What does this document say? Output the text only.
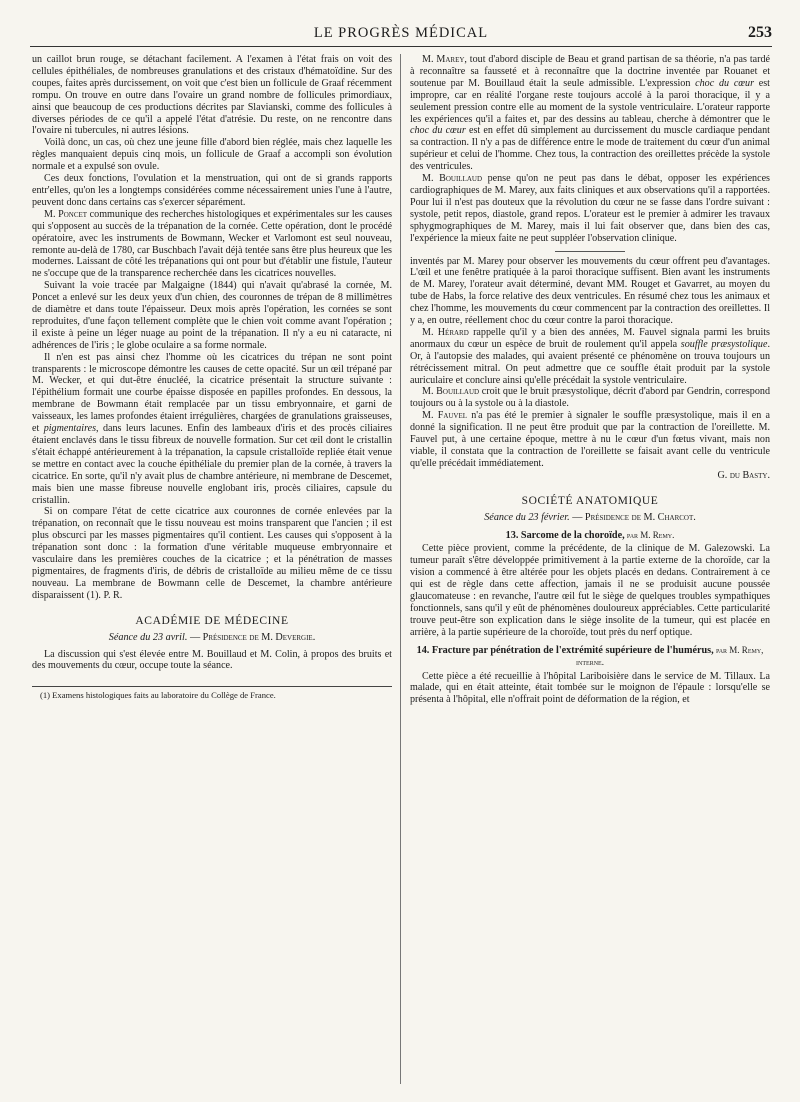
LE PROGRÈS MÉDICAL	253

un caillot brun rouge, se détachant facilement. A l'examen à l'état frais on voit des cellules épithéliales, de nombreuses granulations et des cristaux d'hématoïdine. Sur des coupes, faites après durcissement, on voit que c'est bien un follicule de Graaf récemment rompu. On trouve en outre dans l'ovaire un grand nombre de follicules primordiaux, ainsi que beaucoup de ces productions décrites par Slavianski, comme des follicules à diverses périodes de ce qu'il a appelé l'état d'atrésie. Du reste, on ne rencontre dans l'ovaire ni tubercules, ni autres lésions.

Voilà donc, un cas, où chez une jeune fille d'abord bien réglée, mais chez laquelle les règles manquaient depuis cinq mois, un follicule de Graaf a accompli son évolution normale et a expulsé son ovule.

Ces deux fonctions, l'ovulation et la menstruation, qui ont de si grands rapports entr'elles, qu'on les a longtemps considérées comme nécessairement unies l'une à l'autre, peuvent donc dans certains cas s'exercer séparément.

M. Poncet communique des recherches histologiques et expérimentales sur les causes qui s'opposent au succès de la trépanation de la cornée. Cette opération, dont le procédé opératoire, avec les instruments de Bowmann, Wecker et Varlomont est seul nouveau, remonte au-delà de 1780, car Buschbach l'avait déjà tentée sans être plus heureux que les modernes. Laissant de côté les trépanations qui ont pour but d'établir une fistule, l'auteur ne s'occupe que de la transparence recherchée dans les cicatrices nouvelles.

Suivant la voie tracée par Malgaigne (1844) qui n'avait qu'abrasé la cornée, M. Poncet a enlevé sur les deux yeux d'un chien, des couronnes de trépan de 8 millimètres de diamètre et dans toute l'épaisseur. Deux mois après l'opération, les cornées se sont reproduites, d'une façon tellement complète que le chien voit comme avant l'opération ; il existe à peine un léger nuage au point de la trépanation. Il n'y a eu ni cataracte, ni adhérences de l'iris ; le globe oculaire a sa forme normale.

Il n'en est pas ainsi chez l'homme où les cicatrices du trépan ne sont point transparents : le microscope démontre les causes de cette opacité. Sur un œil trépané par M. Wecker, et qui dut-être énucléé, la cicatrice présentait la structure suivante : l'épithélium formait une courbe épaisse disposée en papilles profondes. En dessous, la membrane de Bowmann était remplacée par un tissu embryonnaire, et garni de vaisseaux, les lames profondes étaient irrégulières, chargées de granulations graisseuses, et pigmentaires, dans leurs lacunes. Enfin des lambeaux d'iris et des procès ciliaires étaient enclavés dans le tissu fibreux de nouvelle formation. Sur cet œil dont le cristallin s'était échappé antérieurement à la trépanation, la capsule cristalloïde repliée était venue se mettre en contact avec la couche épithéliale du premier plan de la cornée, à travers la cicatrice. En sorte, qu'il n'y avait plus de chambre antérieure, ni membrane de Descemet, mais bien une masse fibreuse nouvelle englobant iris, procès ciliaires, capsule du cristallin.

Si on compare l'état de cette cicatrice aux couronnes de cornée enlevées par la trépanation, on reconnaît que le tissu nouveau est moins transparent que l'ancien ; il est plus obscurci par les masses pigmentaires qu'il contient. Les causes qui s'opposent à la trépanation sont donc : la formation d'une véritable muqueuse embryonnaire et vasculaire dans les premières couches de la cicatrice ; et la pénétration de masses pigmentaires, de fragments d'iris, de débris de cristalloïde au milieu même de ce tissu nouveau. La membrane de Bowmann celle de Descemet, la chambre antérieure disparaissent (1). P. R.

ACADÉMIE DE MÉDECINE
Séance du 23 avril. — Présidence de M. Devergie.

La discussion qui s'est élevée entre M. Bouillaud et M. Colin, à propos des bruits et des mouvements du cœur, occupe toute la séance.

(1) Examens histologiques faits au laboratoire du Collège de France.

M. Marey, tout d'abord disciple de Beau et grand partisan de sa théorie, n'a pas tardé à reconnaître sa fausseté et à reconnaître que la doctrine inventée par Rouanet et soutenue par M. Bouillaud était la seule admissible. L'expression choc du cœur est impropre, car en réalité l'organe reste toujours accolé à la paroi thoracique, il y a seulement pression contre elle au moment de la systole ventriculaire. L'orateur rapporte les expériences qu'il a faites et, par des dessins au tableau, cherche à démontrer que le choc du cœur est en effet dû simplement au durcissement du muscle cardiaque pendant sa contraction. Il n'y a pas de différence entre le mode de traitement du cœur d'un animal supérieur et celui de l'homme. Chez tous, la contraction des oreillettes précède la systole des ventricules.

M. Bouillaud pense qu'on ne peut pas dans le débat, opposer les expériences cardiographiques de M. Marey, aux faits cliniques et aux observations qu'il a rapportées. Pour lui il n'est pas douteux que la révolution du cœur ne se fasse dans l'ordre suivant : systole, petit repos, diastole, grand repos. L'orateur est le premier à admirer les travaux sphygmographiques de M. Marey, mais il lui fait observer que, dans bien des cas, l'expérience la mieux faite ne peut suppléer l'observation clinique.

inventés par M. Marey pour observer les mouvements du cœur offrent peu d'avantages. L'œil et une fenêtre pratiquée à la paroi thoracique suffisent. Bien avant les instruments de M. Marey, l'orateur avait déterminé, devant MM. Rouget et Gavarret, au moyen du tube de Habs, la force relative des deux ventricules. En résumé chez tous les animaux et chez l'homme, les mouvements du cœur commencent par la contraction des oreillettes. Il y a, en outre, réellement choc du cœur contre la paroi thoracique.

M. Hérard rappelle qu'il y a bien des années, M. Fauvel signala parmi les bruits anormaux du cœur un espèce de bruit de roulement qu'il appela souffle præsystolique. Or, à l'autopsie des malades, qui avaient présenté ce phénomène on trouva toujours un rétrécissement mitral. On peut admettre que ce souffle était produit par la systole auriculaire et conclure ainsi qu'elle précédait la systole ventriculaire.

M. Bouillaud croit que le bruit præsystolique, décrit d'abord par Gendrin, correspond toujours ou à la systole ou à la diastole.

M. Fauvel n'a pas été le premier à signaler le souffle præsystolique, mais il en a donné la signification. Il ne peut être produit que par la contraction de l'oreillette. M. Fauvel put, à une certaine époque, mettre à nu le cœur d'un fœtus vivant, mais non viable, il constata que la contraction de l'oreillette se faisait avant celle du ventricule qu'elle précédait immédiatement.

G. du Basty.
SOCIÉTÉ ANATOMIQUE
Séance du 23 février. — Présidence de M. Charcot.
13. Sarcome de la choroïde, par M. Remy.

Cette pièce provient, comme la précédente, de la clinique de M. Galezowski. La tumeur paraît s'être développée primitivement à la partie externe de la choroïde, car la vision a commencé à être altérée pour les objets placés en dedans. Contrairement à ce qui est de règle dans cette affection, jamais il ne se produisit aucune poussée glaucomateuse : en revanche, l'autre œil fut le siège de quelques troubles sympathiques fonctionnels, sans qu'il y eût de phénomènes douloureux appréciables. Cette particularité trouve peut-être son explication dans le siège insolite de la tumeur, qui est placée en arrière, à la partie supérieure de la choroïde, tout près du nerf optique.

14. Fracture par pénétration de l'extrémité supérieure de l'humérus, par M. Remy, interne.

Cette pièce a été recueillie à l'hôpital Lariboisière dans le service de M. Tillaux. La malade, qui en était atteinte, était tombée sur le moignon de l'épaule : lorsqu'elle se présenta à l'hôpital, elle n'offrait point de déformation de la région, et
